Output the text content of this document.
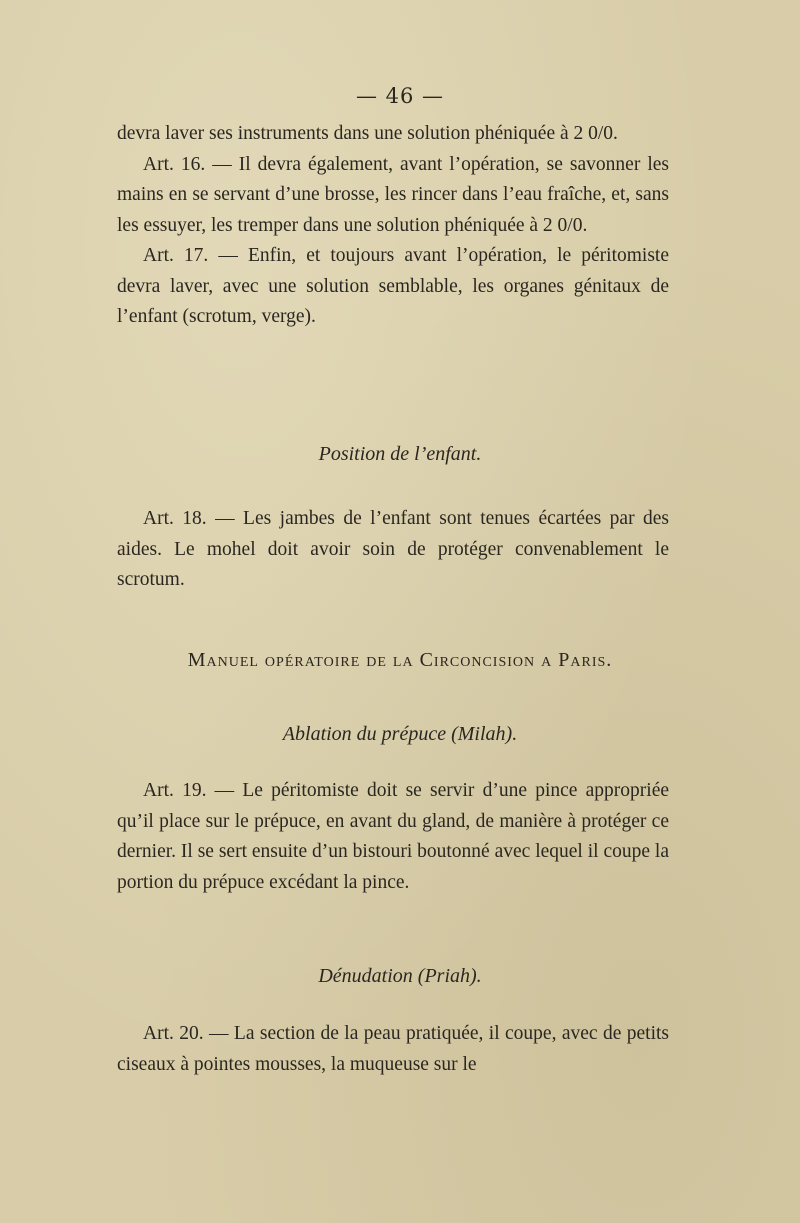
— 46 —

devra laver ses instruments dans une solution phéniquée à 2 0/0.

Art. 16. — Il devra également, avant l’opération, se savonner les mains en se servant d’une brosse, les rincer dans l’eau fraîche, et, sans les essuyer, les tremper dans une solution phéniquée à 2 0/0.

Art. 17. — Enfin, et toujours avant l’opération, le péritomiste devra laver, avec une solution semblable, les organes génitaux de l’enfant (scrotum, verge).

Position de l’enfant.

Art. 18. — Les jambes de l’enfant sont tenues écartées par des aides. Le mohel doit avoir soin de protéger convenablement le scrotum.

Manuel opératoire de la Circoncision a Paris.
Ablation du prépuce (Milah).

Art. 19. — Le péritomiste doit se servir d’une pince appropriée qu’il place sur le prépuce, en avant du gland, de manière à protéger ce dernier. Il se sert ensuite d’un bistouri boutonné avec lequel il coupe la portion du prépuce excédant la pince.

Dénudation (Priah).

Art. 20. — La section de la peau pratiquée, il coupe, avec de petits ciseaux à pointes mousses, la muqueuse sur le
